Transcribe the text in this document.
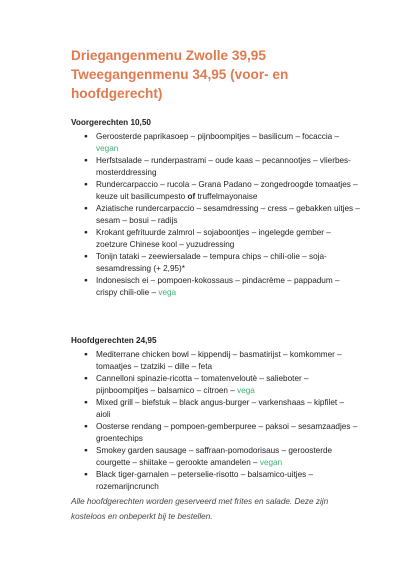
Driegangenmenu Zwolle 39,95

Tweegangenmenu 34,95 (voor- en

hoofdgerecht)

Voorgerechten 10,50
● Geroosterde paprikasoep – pijnboompitjes – basilicum – focaccia – vegan
● Herfstsalade – runderpastrami – oude kaas – pecannootjes – vlierbes-mosterddressing
● Rundercarpaccio – rucola – Grana Padano – zongedroogde tomaatjes – keuze uit basilicumpesto of truffelmayonaise
● Aziatische rundercarpaccio – sesamdressing – cress – gebakken uitjes – sesam – bosui – radijs
● Krokant gefrituurde zalmrol – sojaboontjes – ingelegde gember – zoetzure Chinese kool – yuzudressing
● Tonijn tataki – zeewiersalade – tempura chips – chili-olie – soja-sesamdressing (+ 2,95)*
● Indonesisch ei – pompoen-kokossaus – pindacrème – pappadum – crispy chili-olie – vega
Hoofdgerechten 24,95
● Mediterrane chicken bowl – kippendij – basmatirijst – komkommer – tomaatjes – tzatziki – dille – feta
● Cannelloni spinazie-ricotta – tomatenveloutè – salieboter – pijnboompitjes – balsamico – citroen – vega
● Mixed grill – biefstuk – black angus-burger – varkenshaas – kipfilet – aioli
● Oosterse rendang – pompoen-gemberpuree – paksoi – sesamzaadjes – groentechips
● Smokey garden sausage – saffraan-pomodorisaus – geroosterde courgette – shiitake – gerookte amandelen – vegan
● Black tiger-garnalen – peterselie-risotto – balsamico-uitjes – rozemarijncrunch
Alle hoofdgerechten worden geserveerd met frites en salade. Deze zijn kosteloos en onbeperkt bij te bestellen.
